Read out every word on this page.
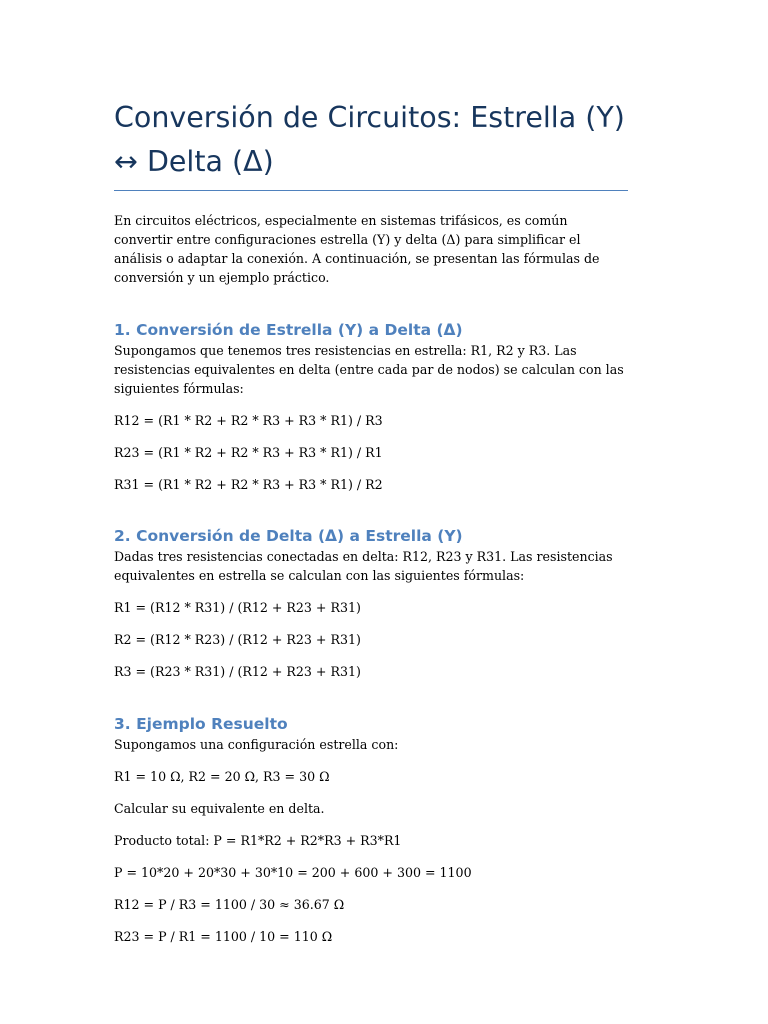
Conversión de Circuitos: Estrella (Y) ↔ Delta (Δ)

En circuitos eléctricos, especialmente en sistemas trifásicos, es común convertir entre configuraciones estrella (Y) y delta (Δ) para simplificar el análisis o adaptar la conexión. A continuación, se presentan las fórmulas de conversión y un ejemplo práctico.

1. Conversión de Estrella (Y) a Delta (Δ)

Supongamos que tenemos tres resistencias en estrella: R1, R2 y R3. Las resistencias equivalentes en delta (entre cada par de nodos) se calculan con las siguientes fórmulas:

R12 = (R1 * R2 + R2 * R3 + R3 * R1) / R3

R23 = (R1 * R2 + R2 * R3 + R3 * R1) / R1

R31 = (R1 * R2 + R2 * R3 + R3 * R1) / R2

2. Conversión de Delta (Δ) a Estrella (Y)

Dadas tres resistencias conectadas en delta: R12, R23 y R31. Las resistencias equivalentes en estrella se calculan con las siguientes fórmulas:

R1 = (R12 * R31) / (R12 + R23 + R31)

R2 = (R12 * R23) / (R12 + R23 + R31)

R3 = (R23 * R31) / (R12 + R23 + R31)

3. Ejemplo Resuelto

Supongamos una configuración estrella con:

R1 = 10 Ω, R2 = 20 Ω, R3 = 30 Ω

Calcular su equivalente en delta.

Producto total: P = R1*R2 + R2*R3 + R3*R1

P = 10*20 + 20*30 + 30*10 = 200 + 600 + 300 = 1100

R12 = P / R3 = 1100 / 30 ≈ 36.67 Ω

R23 = P / R1 = 1100 / 10 = 110 Ω
